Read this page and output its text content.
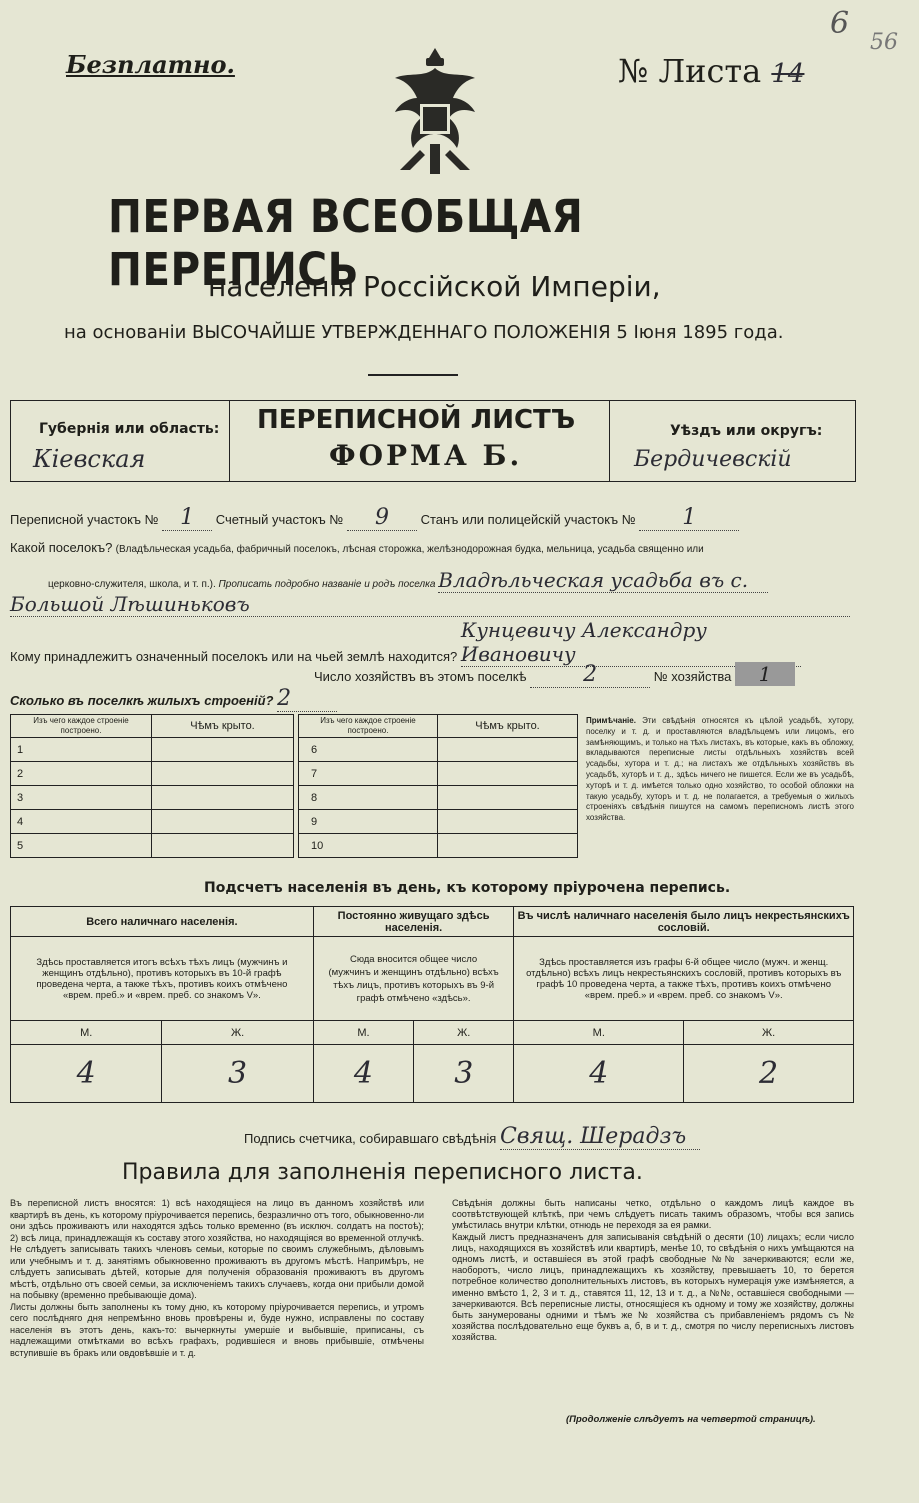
Безплатно.	№ Листа 14
6
56
ПЕРВАЯ ВСЕОБЩАЯ ПЕРЕПИСЬ
населенія Россійской Имперіи,
на основаніи ВЫСОЧАЙШЕ УТВЕРЖДЕННАГО ПОЛОЖЕНІЯ 5 Іюня 1895 года.
Губернія или область:
Кіевская
ПЕРЕПИСНОЙ ЛИСТЪ
ФОРМА Б.
Уѣздъ или округъ:
Бердичевскій
Переписной участокъ № 1 Счетный участокъ № 9 Станъ или полицейскій участокъ № 1
Какой поселокъ? (Владѣльческая усадьба, фабричный поселокъ, лѣсная сторожка, желѣзнодорожная будка, мельница, усадьба священно или
церковно-служителя, школа, и т. п.). Прописать подробно названіе и родъ поселка Владѣльческая усадьба въ с.
Большой Лѣшиньковъ
Кому принадлежитъ означенный поселокъ или на чьей землѣ находится? Кунцевичу Александру Ивановичу
Число хозяйствъ въ этомъ поселкѣ	2	№ хозяйства 1
Сколько въ поселкѣ жилыхъ строеній? 2
Изъ чего каждое строеніе построено.	Чѣмъ крыто.
1	
2	
3	
4	
5	
Изъ чего каждое строеніе построено.	Чѣмъ крыто.
6	
7	
8	
9	
10	
Примѣчаніе. Эти свѣдѣнія относятся къ цѣлой усадьбѣ, хутору, поселку и т. д. и проставляются владѣльцемъ или лицомъ, его замѣняющимъ, и только на тѣхъ листахъ, въ которые, какъ въ обложку, вкладываются переписные листы отдѣльныхъ хозяйствъ всей усадьбы, хутора и т. д.; на листахъ же отдѣльныхъ хозяйствъ въ усадьбѣ, хуторѣ и т. д., здѣсь ничего не пишется. Если же въ усадьбѣ, хуторѣ и т. д. имѣется только одно хозяйство, то особой обложки на такую усадьбу, хуторъ и т. д. не полагается, а требуемыя о жилыхъ строеніяхъ свѣдѣнія пишутся на самомъ переписномъ листѣ этого хозяйства.
Подсчетъ населенія въ день, къ которому пріурочена перепись.
Всего наличнаго населенія.		Постоянно живущаго здѣсь населенія.		Въ числѣ наличнаго населенія было лицъ некрестьянскихъ сословій.	
Здѣсь проставляется итогъ всѣхъ тѣхъ лицъ (мужчинъ и женщинъ отдѣльно), противъ которыхъ въ 10-й графѣ проведена черта, а также тѣхъ, противъ коихъ отмѣчено «врем. преб.» и «врем. преб. со знакомъ V».		Сюда вносится общее число (мужчинъ и женщинъ отдѣльно) всѣхъ тѣхъ лицъ, противъ которыхъ въ 9-й графѣ отмѣчено «здѣсь».		Здѣсь проставляется изъ графы 6-й общее число (мужч. и женщ. отдѣльно) всѣхъ лицъ некрестьянскихъ сословій, противъ которыхъ въ графѣ 10 проведена черта, а также тѣхъ, противъ коихъ отмѣчено «врем. преб.» и «врем. преб. со знакомъ V».	
М.	Ж.	М.	Ж.	М.	Ж.
4	3	4	3	4	2
Подпись счетчика, собиравшаго свѣдѣнія Свящ. Шерадзъ
Правила для заполненія переписного листа.
Въ переписной листъ вносятся: 1) всѣ находящіеся на лицо въ данномъ хозяйствѣ или квартирѣ въ день, къ которому пріурочивается перепись, безразлично отъ того, обыкновенно-ли они здѣсь проживаютъ или находятся здѣсь только временно (въ исключ. солдатъ на постоѣ); 2) всѣ лица, принадлежащія къ составу этого хозяйства, но находящіяся во временной отлучкѣ. Не слѣдуетъ записывать такихъ членовъ семьи, которые по своимъ служебнымъ, дѣловымъ или учебнымъ и т. д. занятіямъ обыкновенно проживаютъ въ другомъ мѣстѣ. Напримѣръ, не слѣдуетъ записывать дѣтей, которые для полученія образованія проживаютъ въ другомъ мѣстѣ, отдѣльно отъ своей семьи, за исключеніемъ такихъ случаевъ, когда они прибыли домой на побывку (временно пребывающіе дома).
Листы должны быть заполнены къ тому дню, къ которому пріурочивается перепись, и утромъ сего послѣдняго дня непремѣнно вновь провѣрены и, буде нужно, исправлены по составу населенія въ этотъ день, какъ-то: вычеркнуты умершіе и выбывшіе, приписаны, съ надлежащими отмѣтками во всѣхъ графахъ, родившіеся и вновь прибывшіе, отмѣчены вступившіе въ бракъ или овдовѣвшіе и т. д.
Свѣдѣнія должны быть написаны четко, отдѣльно о каждомъ лицѣ каждое въ соотвѣтствующей клѣткѣ, при чемъ слѣдуетъ писать такимъ образомъ, чтобы вся запись умѣстилась внутри клѣтки, отнюдь не переходя за ея рамки.
Каждый листъ предназначенъ для записыванія свѣдѣній о десяти (10) лицахъ; если число лицъ, находящихся въ хозяйствѣ или квартирѣ, менѣе 10, то свѣдѣнія о нихъ умѣщаются на одномъ листѣ, и оставшіеся въ этой графѣ свободные №№ зачеркиваются; если же, наоборотъ, число лицъ, принадлежащихъ къ хозяйству, превышаетъ 10, то берется потребное количество дополнительныхъ листовъ, въ которыхъ нумерація уже измѣняется, а именно вмѣсто 1, 2, 3 и т. д., ставятся 11, 12, 13 и т. д., а №№, оставшіеся свободными — зачеркиваются. Всѣ переписные листы, относящіеся къ одному и тому же хозяйству, должны быть занумерованы одними и тѣмъ же № хозяйства съ прибавленіемъ рядомъ съ № хозяйства послѣдовательно еще буквъ а, б, в и т. д., смотря по числу переписныхъ листовъ хозяйства.
(Продолженіе слѣдуетъ на четвертой страницѣ).
